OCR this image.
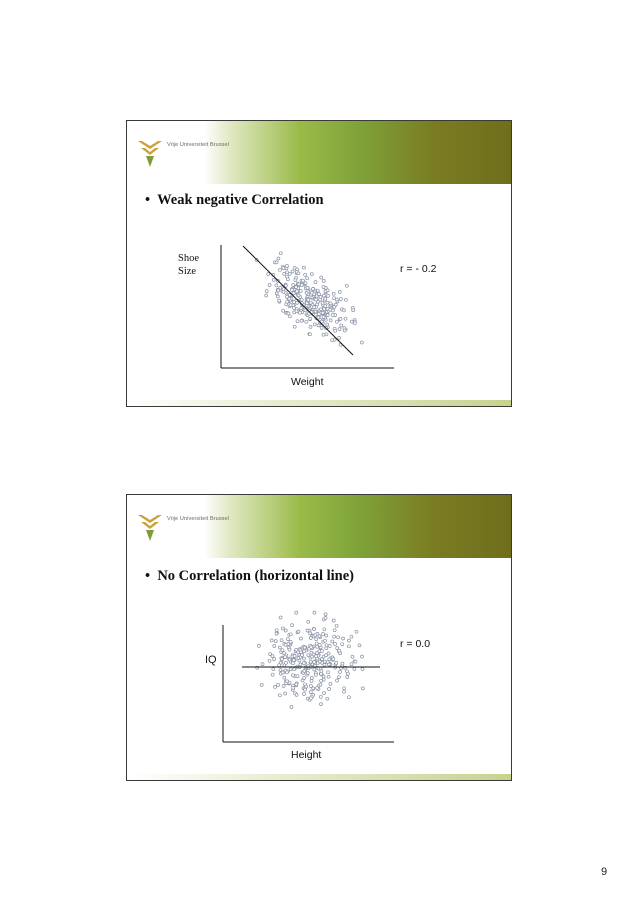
Vrije Universiteit Brussel
• Weak negative Correlation
Shoe
Size
Weight
r = - 0.2
Vrije Universiteit Brussel
• No Correlation (horizontal line)
IQ
Height
r = 0.0
9
